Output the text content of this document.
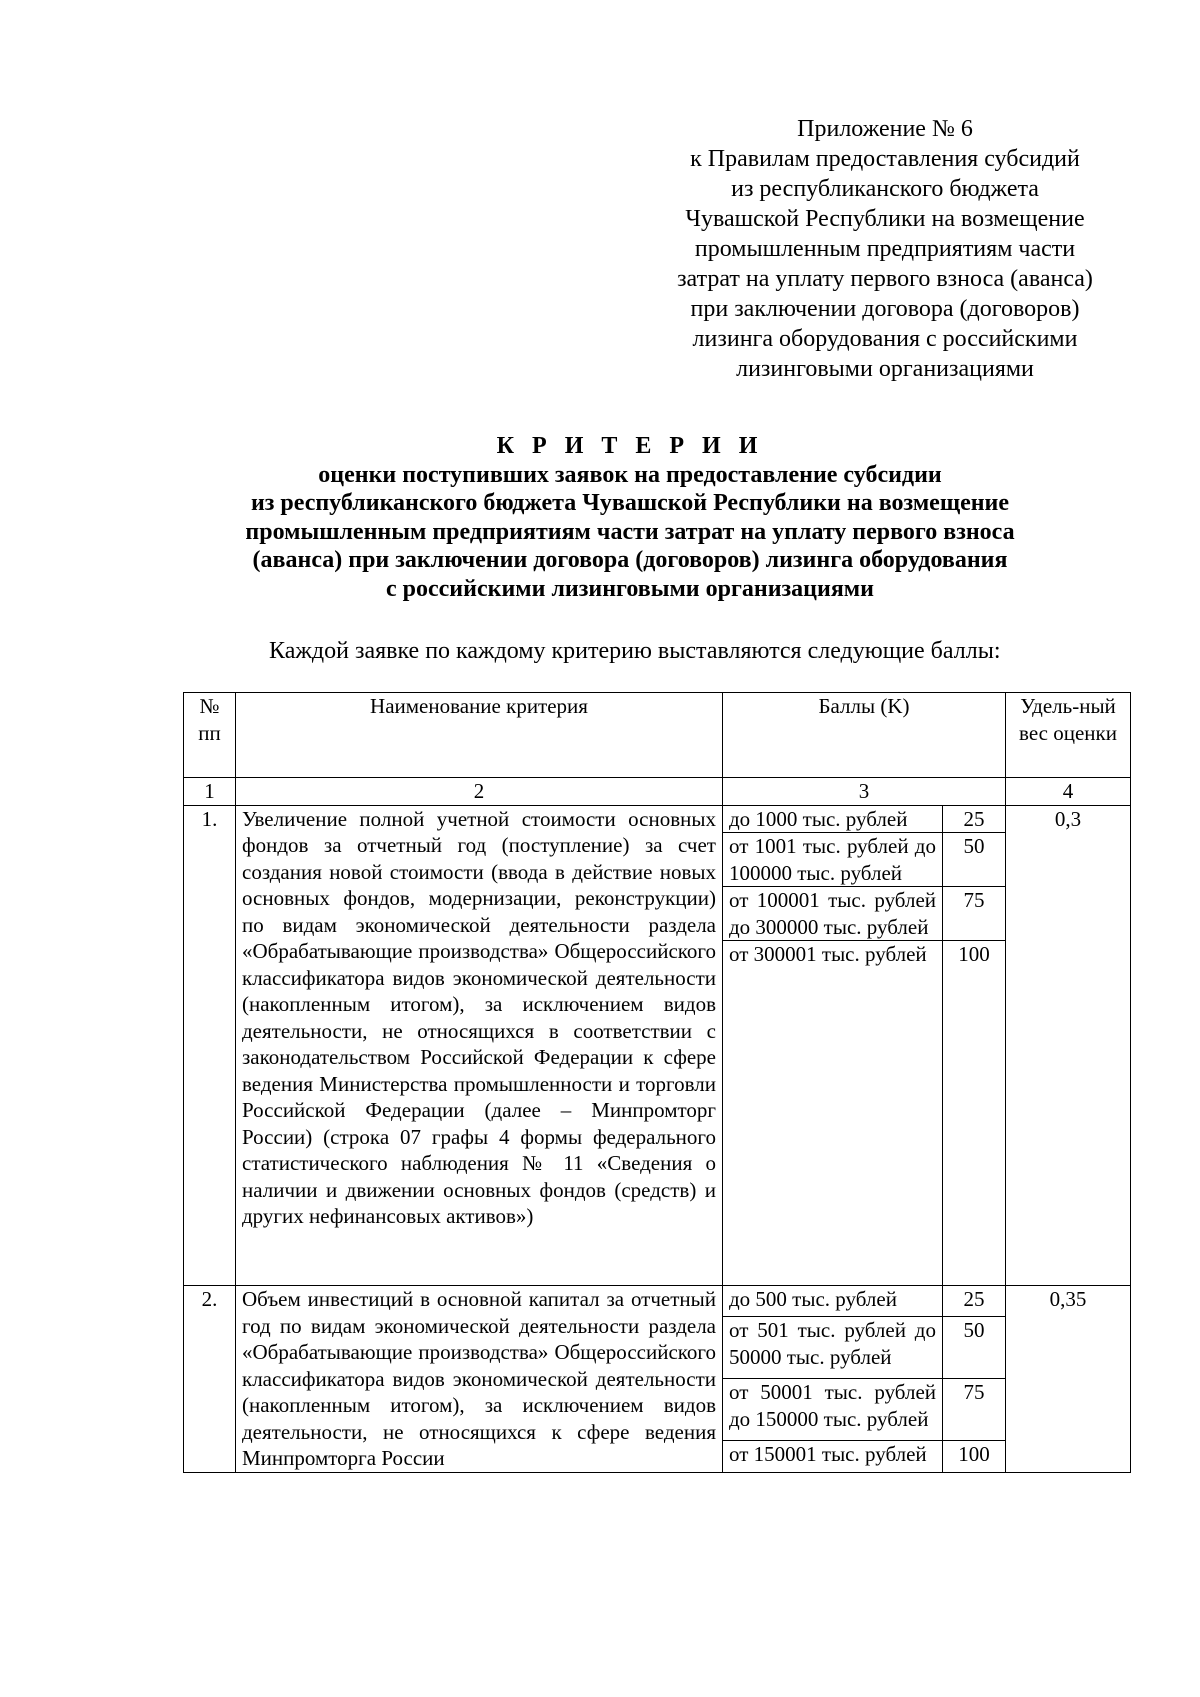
Приложение № 6
к Правилам предоставления субсидий
из республиканского бюджета
Чувашской Республики на возмещение
промышленным предприятиям части
затрат на уплату первого взноса (аванса)
при заключении договора (договоров)
лизинга оборудования с российскими
лизинговыми организациями
К Р И Т Е Р И И
оценки поступивших заявок на предоставление субсидии
из республиканского бюджета Чувашской Республики на возмещение
промышленным предприятиям части затрат на уплату первого взноса
(аванса) при заключении договора (договоров) лизинга оборудования
с российскими лизинговыми организациями
Каждой заявке по каждому критерию выставляются следующие баллы:
№ пп	Наименование критерия	Баллы (K)		Удель-ный вес оценки
1	2	3		4
1.	Увеличение полной учетной стоимости основных фондов за отчетный год (поступление) за счет создания новой стоимости (ввода в действие новых основных фондов, модернизации, реконструкции) по видам экономической деятельности раздела «Обрабатывающие производства» Общероссийского классификатора видов экономической деятельности (накопленным итогом), за исключением видов деятельности, не относящихся в соответствии с законодательством Российской Федерации к сфере ведения Министерства промышленности и торговли Российской Федерации (далее – Минпромторг России) (строка 07 графы 4 формы федерального статистического наблюдения № 11 «Сведения о наличии и движении основных фондов (средств) и других нефинансовых активов»)	до 1000 тыс. рублей	25	0,3
		от 1001 тыс. рублей до 100000 тыс. рублей	50	
		от 100001 тыс. рублей до 300000 тыс. рублей	75	
		от 300001 тыс. рублей	100	
2.	Объем инвестиций в основной капитал за отчетный год по видам экономической деятельности раздела «Обрабатывающие производства» Общероссийского классификатора видов экономической деятельности (накопленным итогом), за исключением видов деятельности, не относящихся к сфере ведения Минпромторга России	до 500 тыс. рублей	25	0,35
		от 501 тыс. рублей до 50000 тыс. рублей	50	
		от 50001 тыс. рублей до 150000 тыс. рублей	75	
		от 150001 тыс. рублей	100	
